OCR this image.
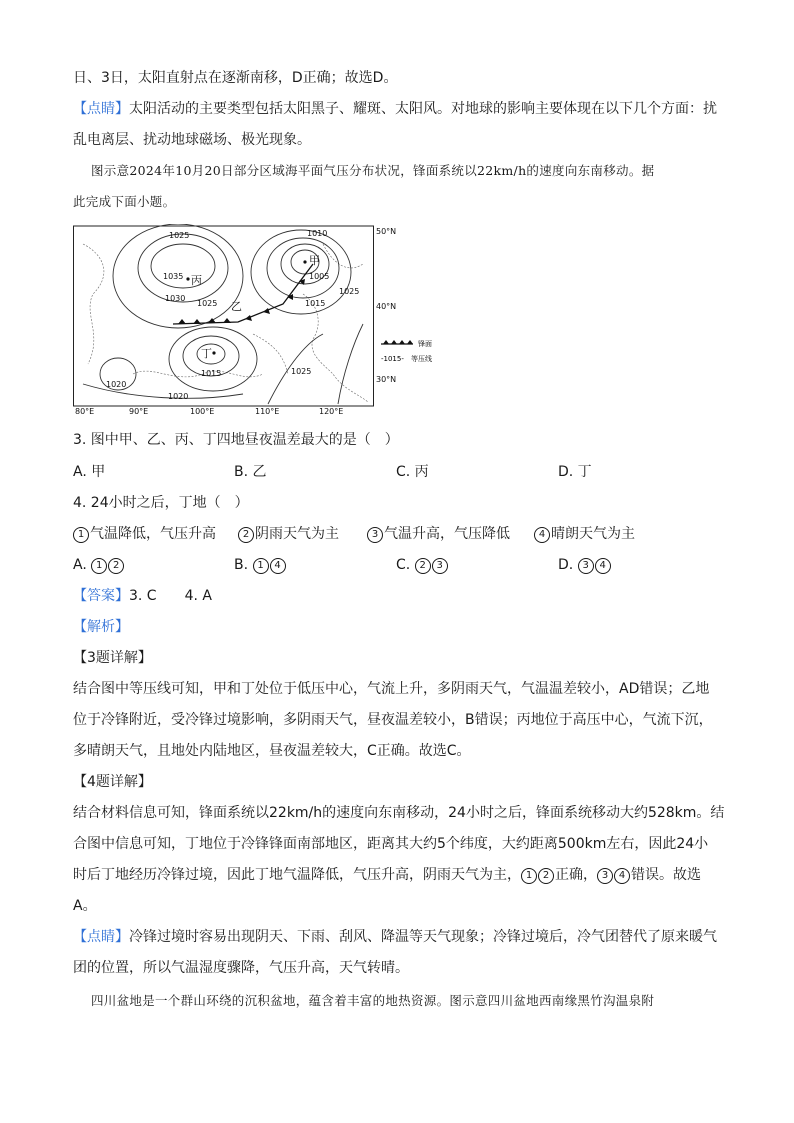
日、3日，太阳直射点在逐渐南移，D正确；故选D。
【点睛】太阳活动的主要类型包括太阳黑子、耀斑、太阳风。对地球的影响主要体现在以下几个方面：扰
乱电离层、扰动地球磁场、极光现象。
图示意2024年10月20日部分区域海平面气压分布状况，锋面系统以22km/h的速度向东南移动。据
此完成下面小题。
甲
乙
丙
丁
1025	1010
1035
1030
1025
1005
1015
1025
1020
1015
1020
1025
50°N
40°N
30°N
80°E	90°E	100°E	110°E	120°E
锋面
-1015- 等压线
3. 图中甲、乙、丙、丁四地昼夜温差最大的是（　）
A. 甲	B. 乙	C. 丙	D. 丁
4. 24小时之后，丁地（　）
1 气温降低，气压升高	2 阴雨天气为主	3 气温升高，气压降低	4 晴朗天气为主
A. 1 2	B. 1 4	C. 2 3	D. 3 4
【答案】3. C　　4. A
【解析】
【3题详解】
结合图中等压线可知，甲和丁处位于低压中心，气流上升，多阴雨天气，气温温差较小，AD错误；乙地
位于冷锋附近，受冷锋过境影响，多阴雨天气，昼夜温差较小，B错误；丙地位于高压中心，气流下沉，
多晴朗天气，且地处内陆地区，昼夜温差较大，C正确。故选C。
【4题详解】
结合材料信息可知，锋面系统以22km/h的速度向东南移动，24小时之后，锋面系统移动大约528km。结
合图中信息可知，丁地位于冷锋锋面南部地区，距离其大约5个纬度，大约距离500km左右，因此24小
时后丁地经历冷锋过境，因此丁地气温降低，气压升高，阴雨天气为主， 1 2 正确， 3 4 错误。故选
A。
【点睛】冷锋过境时容易出现阴天、下雨、刮风、降温等天气现象；冷锋过境后，冷气团替代了原来暖气
团的位置，所以气温湿度骤降，气压升高，天气转晴。
四川盆地是一个群山环绕的沉积盆地，蕴含着丰富的地热资源。图示意四川盆地西南缘黑竹沟温泉附
